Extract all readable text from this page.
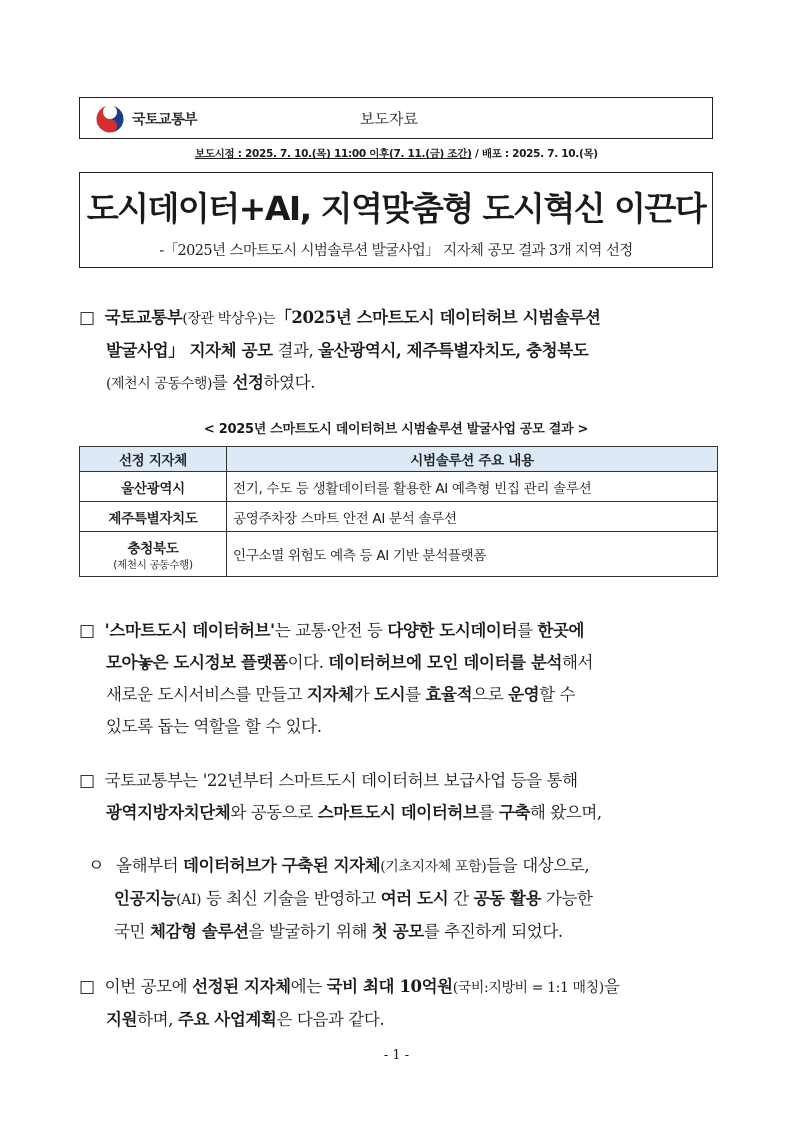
국토교통부	보도자료
보도시점 : 2025. 7. 10.(목) 11:00 이후(7. 11.(금) 조간) / 배포 : 2025. 7. 10.(목)
도시데이터+AI, 지역맞춤형 도시혁신 이끈다
-「2025년 스마트도시 시범솔루션 발굴사업」 지자체 공모 결과 3개 지역 선정
□ 국토교통부(장관 박상우)는「2025년 스마트도시 데이터허브 시범솔루션
발굴사업」 지자체 공모 결과, 울산광역시, 제주특별자치도, 충청북도
(제천시 공동수행)를 선정하였다.
< 2025년 스마트도시 데이터허브 시범솔루션 발굴사업 공모 결과 >
선정 지자체	시범솔루션 주요 내용
울산광역시	전기, 수도 등 생활데이터를 활용한 AI 예측형 빈집 관리 솔루션
제주특별자치도	공영주차장 스마트 안전 AI 분석 솔루션
충청북도
(제천시 공동수행)	인구소멸 위험도 예측 등 AI 기반 분석플랫폼
□ '스마트도시 데이터허브'는 교통·안전 등 다양한 도시데이터를 한곳에
모아놓은 도시정보 플랫폼이다. 데이터허브에 모인 데이터를 분석해서
새로운 도시서비스를 만들고 지자체가 도시를 효율적으로 운영할 수
있도록 돕는 역할을 할 수 있다.
□ 국토교통부는 '22년부터 스마트도시 데이터허브 보급사업 등을 통해
광역지방자치단체와 공동으로 스마트도시 데이터허브를 구축해 왔으며,
ㅇ 올해부터 데이터허브가 구축된 지자체(기초지자체 포함)들을 대상으로,
인공지능(AI) 등 최신 기술을 반영하고 여러 도시 간 공동 활용 가능한
국민 체감형 솔루션을 발굴하기 위해 첫 공모를 추진하게 되었다.
□ 이번 공모에 선정된 지자체에는 국비 최대 10억원(국비:지방비 = 1:1 매칭)을
지원하며, 주요 사업계획은 다음과 같다.
- 1 -
